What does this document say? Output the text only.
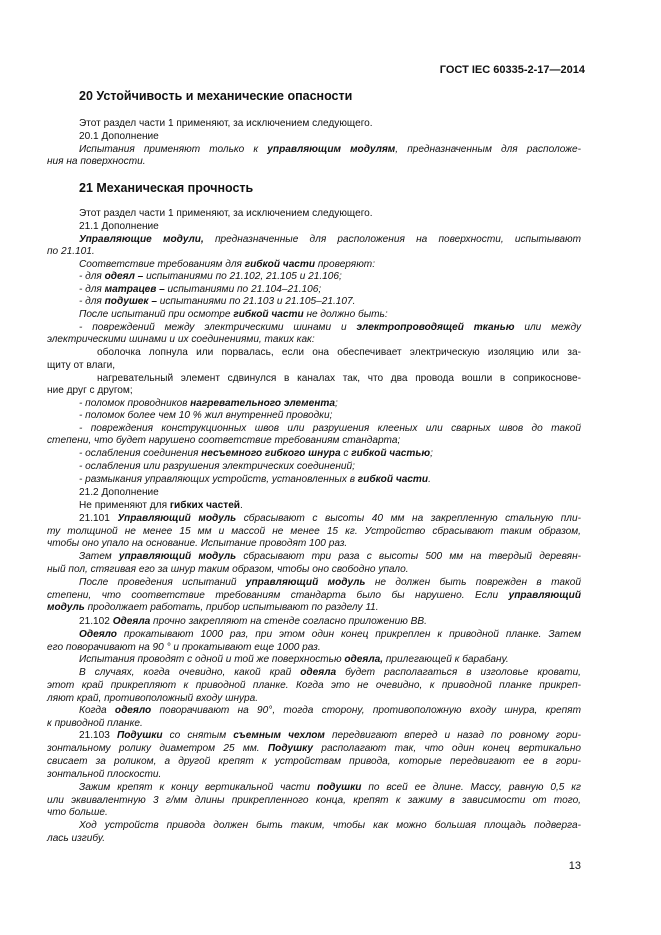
ГОСТ IEC 60335-2-17—2014
20 Устойчивость и механические опасности
21 Механическая прочность
Этот раздел части 1 применяют, за исключением следующего.
20.1 Дополнение
Испытания применяют только к управляющим модулям, предназначенным для расположе-
ния на поверхности.
Этот раздел части 1 применяют, за исключением следующего.
21.1 Дополнение
Управляющие модули, предназначенные для расположения на поверхности, испытывают
по 21.101.
Соответствие требованиям для гибкой части проверяют:
- для одеял – испытаниями по 21.102, 21.105 и 21.106;
- для матрацев – испытаниями по 21.104–21.106;
- для подушек – испытаниями по 21.103 и 21.105–21.107.
После испытаний при осмотре гибкой части не должно быть:
- повреждений между электрическими шинами и электропроводящей тканью или между
электрическими шинами и их соединениями, таких как:
оболочка лопнула или порвалась, если она обеспечивает электрическую изоляцию или за-
щиту от влаги,
нагревательный элемент сдвинулся в каналах так, что два провода вошли в соприкоснове-
ние друг с другом;
- поломок проводников нагревательного элемента;
- поломок более чем 10 % жил внутренней проводки;
- повреждения конструкционных швов или разрушения клееных или сварных швов до такой
степени, что будет нарушено соответствие требованиям стандарта;
- ослабления соединения несъемного гибкого шнура с гибкой частью;
- ослабления или разрушения электрических соединений;
- размыкания управляющих устройств, установленных в гибкой части.
21.2 Дополнение
Не применяют для гибких частей.
21.101 Управляющий модуль сбрасывают с высоты 40 мм на закрепленную стальную пли-
ту толщиной не менее 15 мм и массой не менее 15 кг. Устройство сбрасывают таким образом,
чтобы оно упало на основание. Испытание проводят 100 раз.
Затем управляющий модуль сбрасывают три раза с высоты 500 мм на твердый деревян-
ный пол, стягивая его за шнур таким образом, чтобы оно свободно упало.
После проведения испытаний управляющий модуль не должен быть поврежден в такой
степени, что соответствие требованиям стандарта было бы нарушено. Если управляющий
модуль продолжает работать, прибор испытывают по разделу 11.
21.102 Одеяла прочно закрепляют на стенде согласно приложению ВВ.
Одеяло прокатывают 1000 раз, при этом один конец прикреплен к приводной планке. Затем
его поворачивают на 90 ° и прокатывают еще 1000 раз.
Испытания проводят с одной и той же поверхностью одеяла, прилегающей к барабану.
В случаях, когда очевидно, какой край одеяла будет располагаться в изголовье кровати,
этот край прикрепляют к приводной планке. Когда это не очевидно, к приводной планке прикреп-
ляют край, противоположный входу шнура.
Когда одеяло поворачивают на 90°, тогда сторону, противоположную входу шнура, крепят
к приводной планке.
21.103 Подушки со снятым съемным чехлом передвигают вперед и назад по ровному гори-
зонтальному ролику диаметром 25 мм. Подушку располагают так, что один конец вертикально
свисает за роликом, а другой крепят к устройствам привода, которые передвигают ее в гори-
зонтальной плоскости.
Зажим крепят к концу вертикальной части подушки по всей ее длине. Массу, равную 0,5 кг
или эквивалентную 3 г/мм длины прикрепленного конца, крепят к зажиму в зависимости от того,
что больше.
Ход устройств привода должен быть таким, чтобы как можно большая площадь подверга-
лась изгибу.
13
